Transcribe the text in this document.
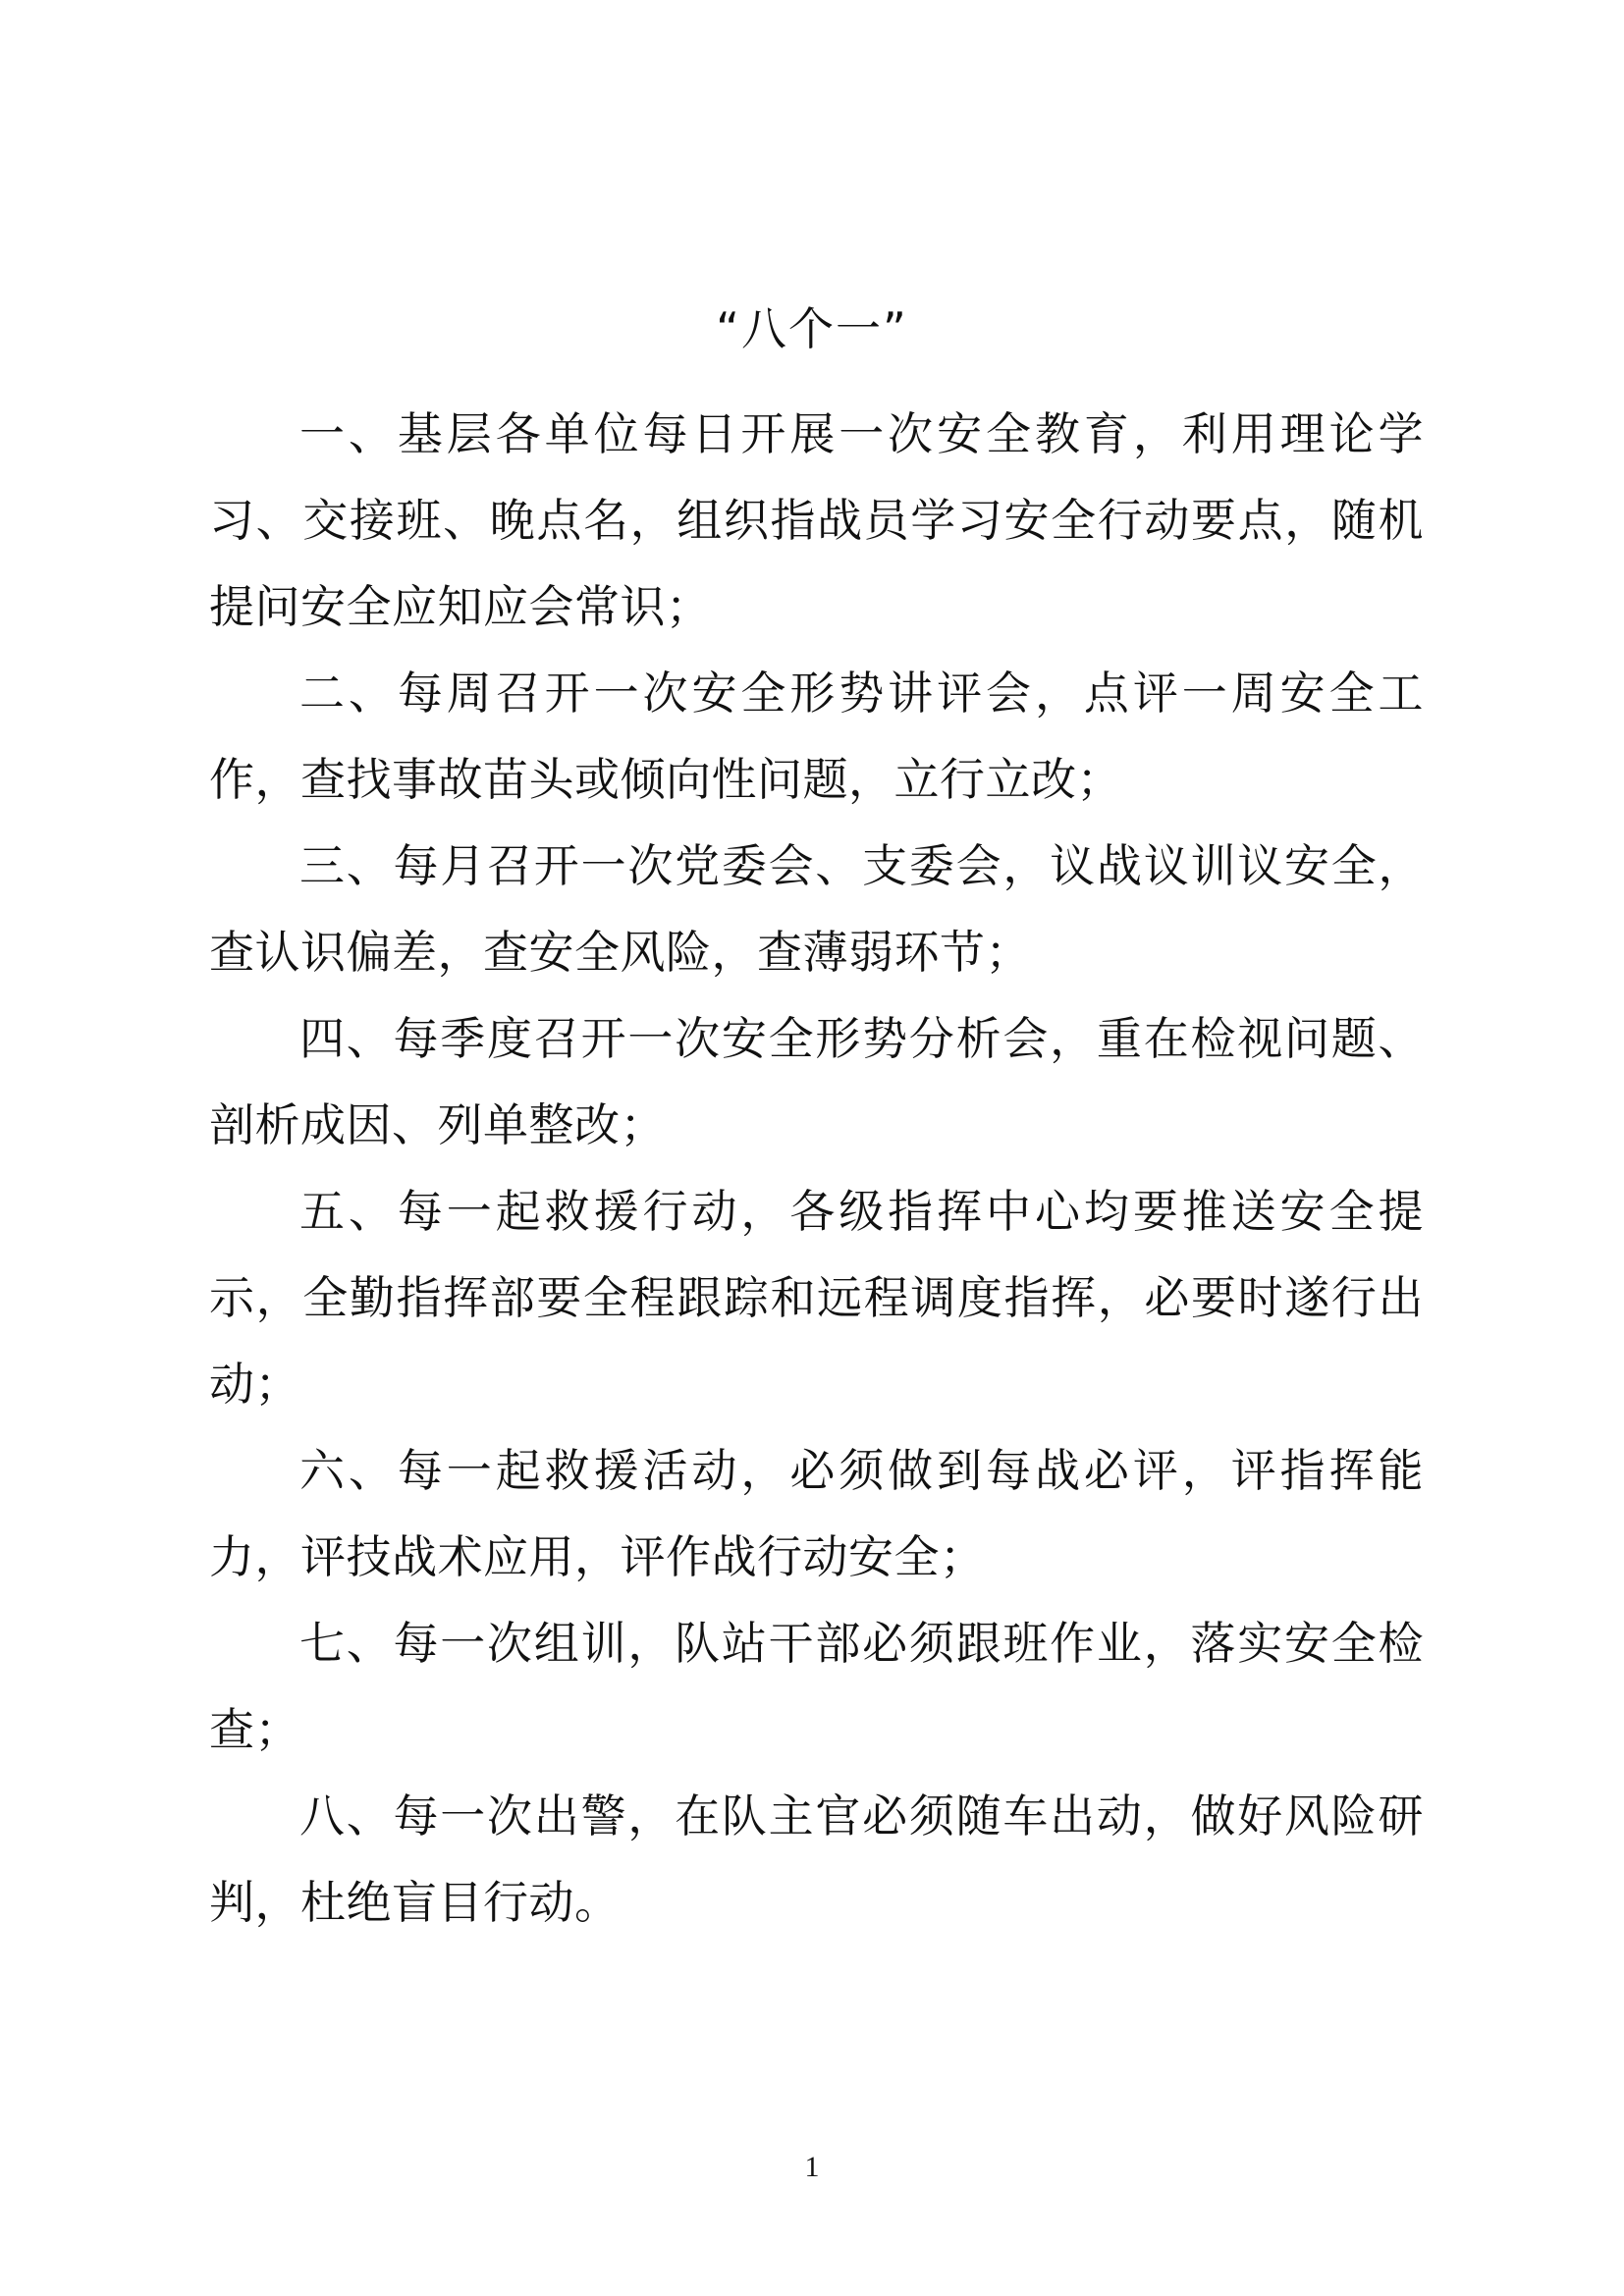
“八个一”

一、基层各单位每日开展一次安全教育，利用理论学习、交接班、晚点名，组织指战员学习安全行动要点，随机提问安全应知应会常识；

二、每周召开一次安全形势讲评会，点评一周安全工作，查找事故苗头或倾向性问题，立行立改；

三、每月召开一次党委会、支委会，议战议训议安全，查认识偏差，查安全风险，查薄弱环节；

四、每季度召开一次安全形势分析会，重在检视问题、剖析成因、列单整改；

五、每一起救援行动，各级指挥中心均要推送安全提示，全勤指挥部要全程跟踪和远程调度指挥，必要时遂行出动；

六、每一起救援活动，必须做到每战必评，评指挥能力，评技战术应用，评作战行动安全；

七、每一次组训，队站干部必须跟班作业，落实安全检查；

八、每一次出警，在队主官必须随车出动，做好风险研判，杜绝盲目行动。

1
